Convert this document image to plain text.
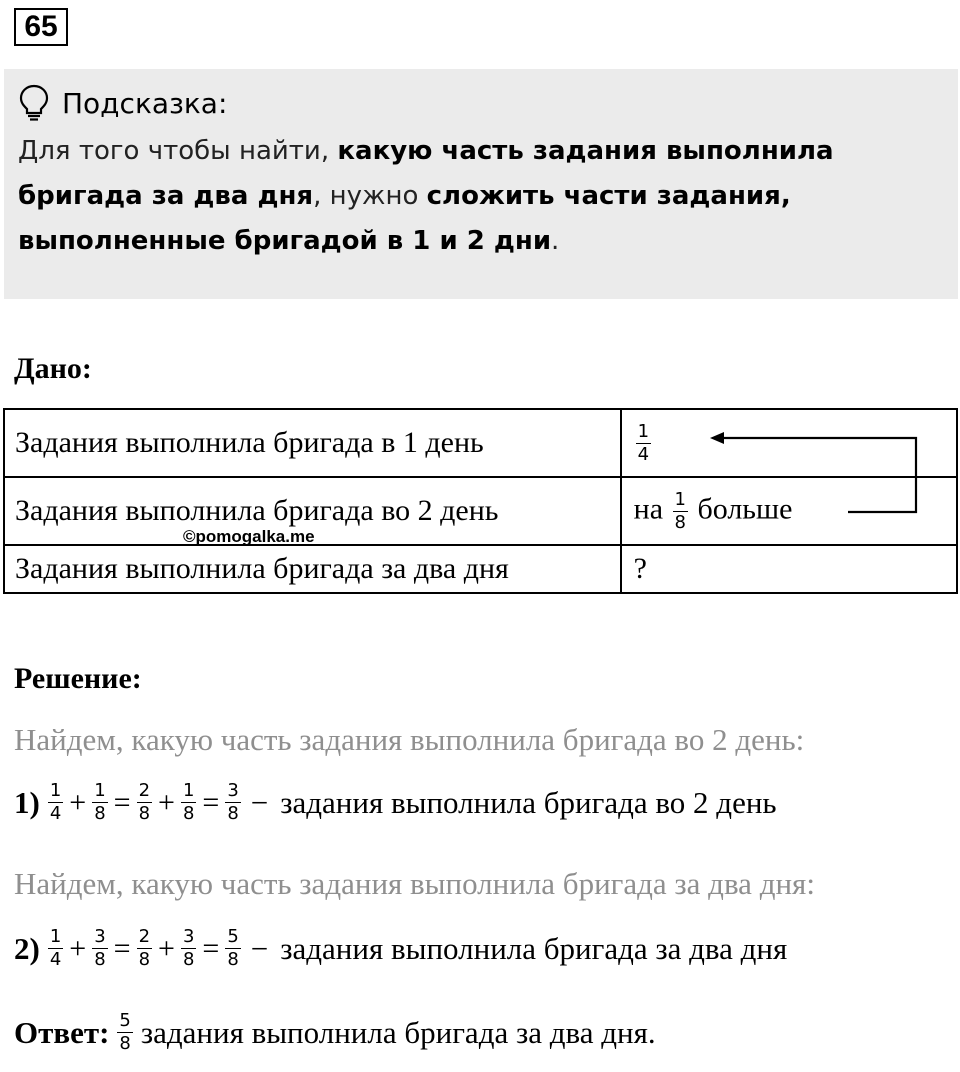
65
Подсказка:
Для того чтобы найти, какую часть задания выполнила бригада за два дня, нужно сложить части задания, выполненные бригадой в 1 и 2 дни.
Дано:
Задания выполнила бригада в 1 день	$\frac{1}{4}$

Задания выполнила бригада во 2 день	на $\frac{1}{8}$ больше
Задания выполнила бригада за два дня	?
©pomogalka.me
Решение:
Найдем, какую часть задания выполнила бригада во 2 день:
$1) \frac{1}{4} + \frac{1}{8} = \frac{2}{8} + \frac{1}{8} = \frac{3}{8}$ − задания выполнила бригада во 2 день
Найдем, какую часть задания выполнила бригада за два дня:
$2) \frac{1}{4} + \frac{3}{8} = \frac{2}{8} + \frac{3}{8} = \frac{5}{8}$ − задания выполнила бригада за два дня
Ответ: $\frac{5}{8}$ задания выполнила бригада за два дня.
